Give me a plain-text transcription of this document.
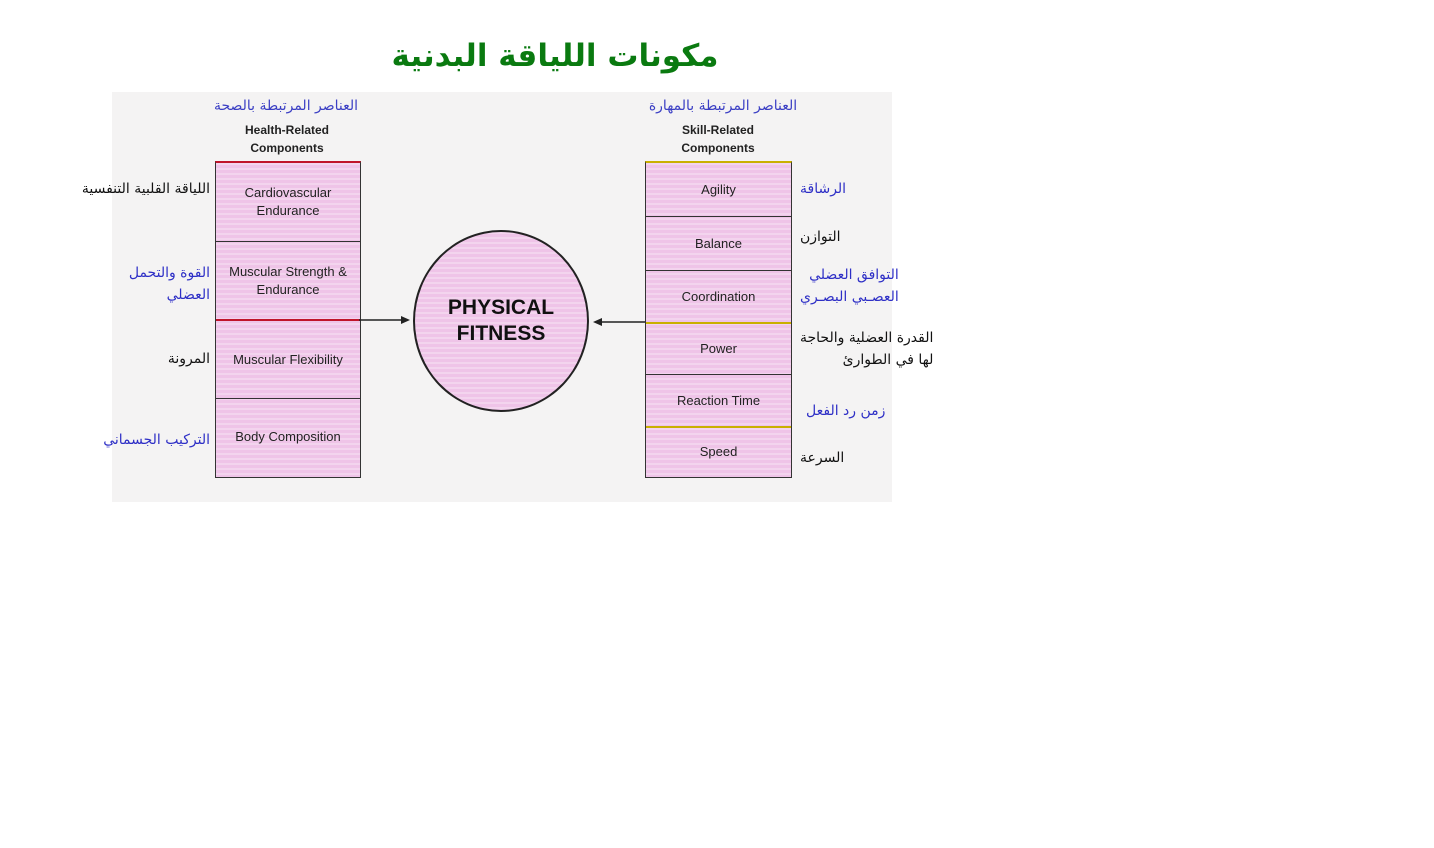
مكونات اللياقة البدنية
العناصر المرتبطة بالصحة
Health-Related
Components
العناصر المرتبطة بالمهارة
Skill-Related
Components
Cardiovascular Endurance
Muscular Strength & Endurance
Muscular Flexibility
Body Composition
Agility
Balance
Coordination
Power
Reaction Time
Speed
PHYSICAL
FITNESS
اللياقة القلبية التنفسية
القوة والتحمل
العضلي
المرونة
التركيب الجسماني
الرشاقة
التوازن
التوافق العضلي
العصـبي البصـري
القدرة العضلية والحاجة
لها في الطوارئ
زمن رد الفعل
السرعة
